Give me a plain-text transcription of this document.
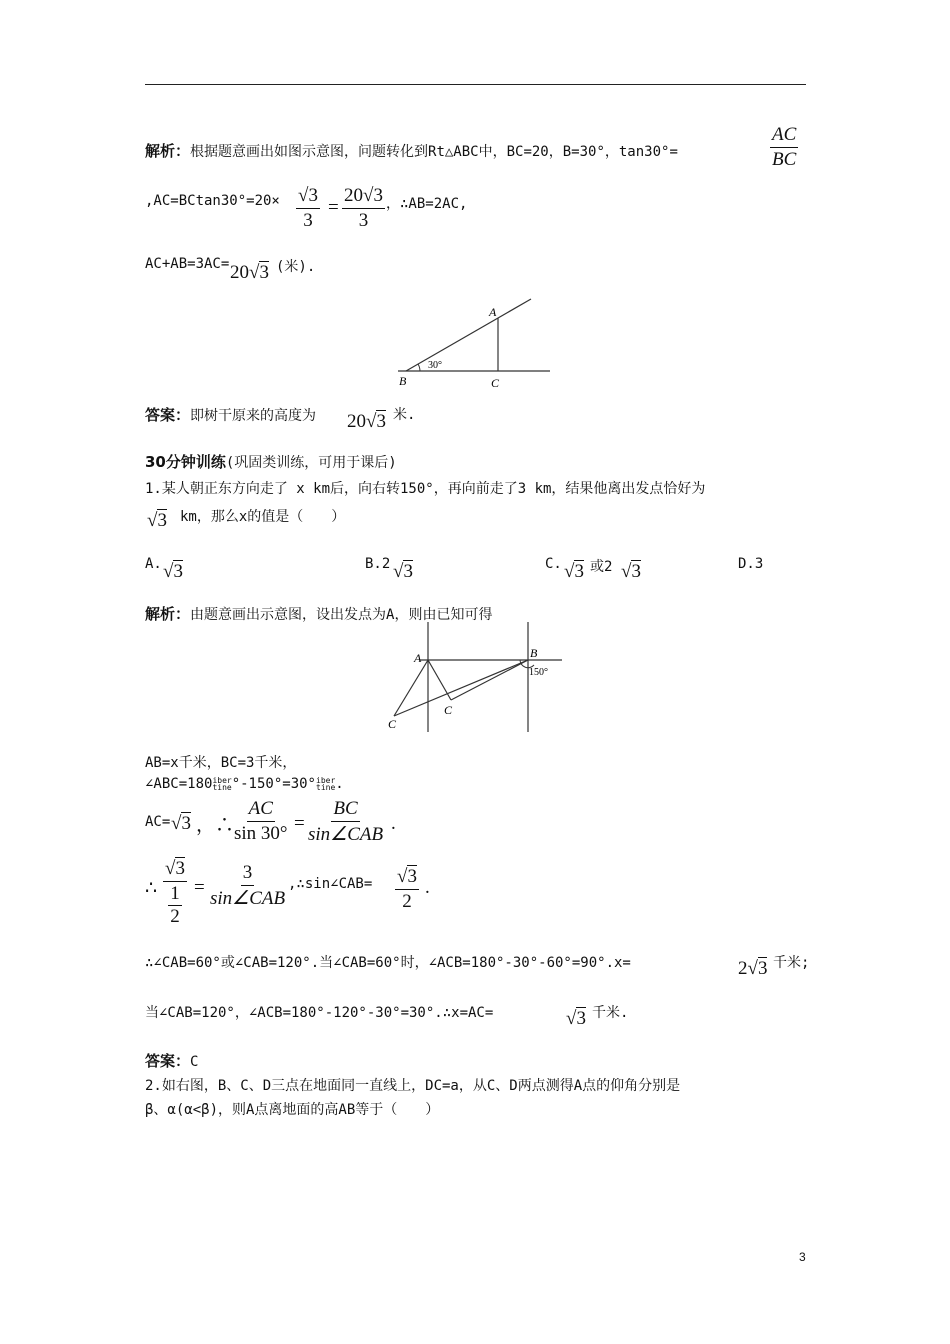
解析：根据题意画出如图示意图，问题转化到Rt△ABC中，BC=20，B=30°，tan30°=	$\frac{AC}{BC}$
$,AC=BCtan30^\circ=20\times \frac{√3}{3} = \frac{20√3}{3}$ ，∴AB=2AC,
AC+AB=3AC= 20√3 (米).
A
B	C
30°
答案：即树干原来的高度为 20√3 米.
30分钟训练(巩固类训练，可用于课后)
1.某人朝正东方向走了 x km后，向右转150°，再向前走了3 km，结果他离出发点恰好为
√3 km，那么x的值是（　　）
A. √3	B.2 √3	C. √3 或2 √3	D.3
解析：由题意画出示意图，设出发点为A，则由已知可得
A	B
C
C
150°
AB=x千米，BC=3千米，
∠ABC=180iber
tine°-150°=30°iber
tine.
AC= √3 ，∴
$\frac{AC}{\sin 30^\circ}$ =
BC
sin∠CAB
.
∴ $\frac{√3}{\frac{1}{2}}$ =
3
sin∠CAB
,∴sin∠CAB= $\frac{√3}{2}$ .
∴∠CAB=60°或∠CAB=120°.当∠CAB=60°时，∠ACB=180°-30°-60°=90°.x=	2√3 千米;
当∠CAB=120°，∠ACB=180°-120°-30°=30°.∴x=AC=	√3 千米.
答案：C
2.如右图，B、C、D三点在地面同一直线上，DC=a，从C、D两点测得A点的仰角分别是
β、α(α<β)，则A点离地面的高AB等于（　　）
3
